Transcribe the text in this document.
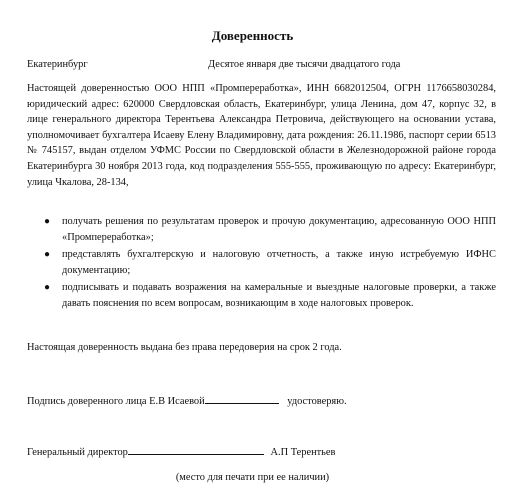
Доверенность
Екатеринбург	Десятое января две тысячи двадцатого года
Настоящей доверенностью ООО НПП «Промпереработка», ИНН 6682012504, ОГРН 1176658030284, юридический адрес: 620000 Свердловская область, Екатеринбург, улица Ленина, дом 47, корпус 32, в лице генерального директора Терентьева Александра Петровича, действующего на основании устава, уполномочивает бухгалтера Исаеву Елену Владимировну, дата рождения: 26.11.1986, паспорт серии 6513 № 745157, выдан отделом УФМС России по Свердловской области в Железнодорожной районе города Екатеринбурга 30 ноября 2013 года, код подразделения 555-555, проживающую по адресу: Екатеринбург, улица Чкалова, 28-134,
● получать решения по результатам проверок и прочую документацию, адресованную ООО НПП «Промпереработка»;
● представлять бухгалтерскую и налоговую отчетность, а также иную истребуемую ИФНС документацию;
● подписывать и подавать возражения на камеральные и выездные налоговые проверки, а также давать пояснения по всем вопросам, возникающим в ходе налоговых проверок.
Настоящая доверенность выдана без права передоверия на срок 2 года.
Подпись доверенного лица Е.В Исаевой	удостоверяю.
Генеральный директор	А.П Терентьев
(место для печати при ее наличии)
